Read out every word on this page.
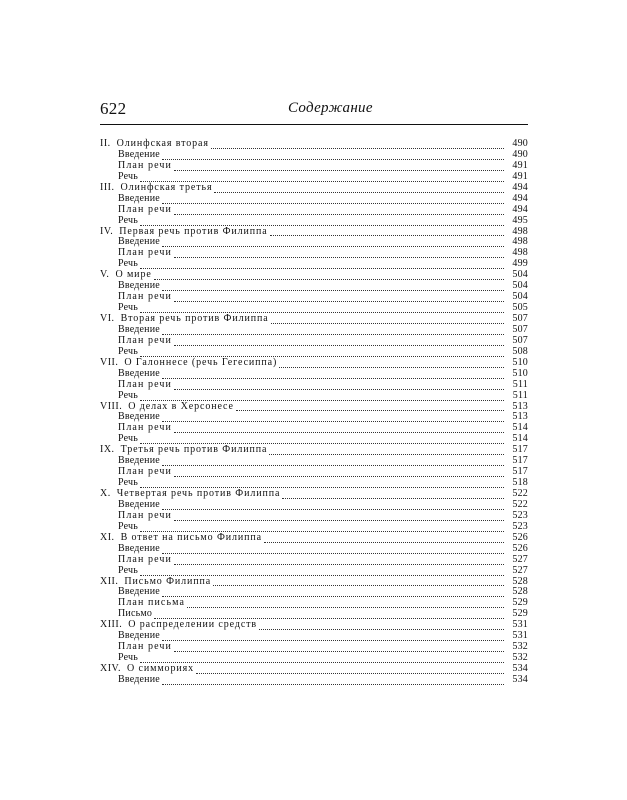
622	Содержание
II. Олинфская вторая	490
Введение	490
План речи	491
Речь	491
III. Олинфская третья	494
Введение	494
План речи	494
Речь	495
IV. Первая речь против Филиппа	498
Введение	498
План речи	498
Речь	499
V. О мире	504
Введение	504
План речи	504
Речь	505
VI. Вторая речь против Филиппа	507
Введение	507
План речи	507
Речь	508
VII. О Галоннесе (речь Гегесиппа)	510
Введение	510
План речи	511
Речь	511
VIII. О делах в Херсонесе	513
Введение	513
План речи	514
Речь	514
IX. Третья речь против Филиппа	517
Введение	517
План речи	517
Речь	518
X. Четвертая речь против Филиппа	522
Введение	522
План речи	523
Речь	523
XI. В ответ на письмо Филиппа	526
Введение	526
План речи	527
Речь	527
XII. Письмо Филиппа	528
Введение	528
План письма	529
Письмо	529
XIII. О распределении средств	531
Введение	531
План речи	532
Речь	532
XIV. О симмориях	534
Введение	534
